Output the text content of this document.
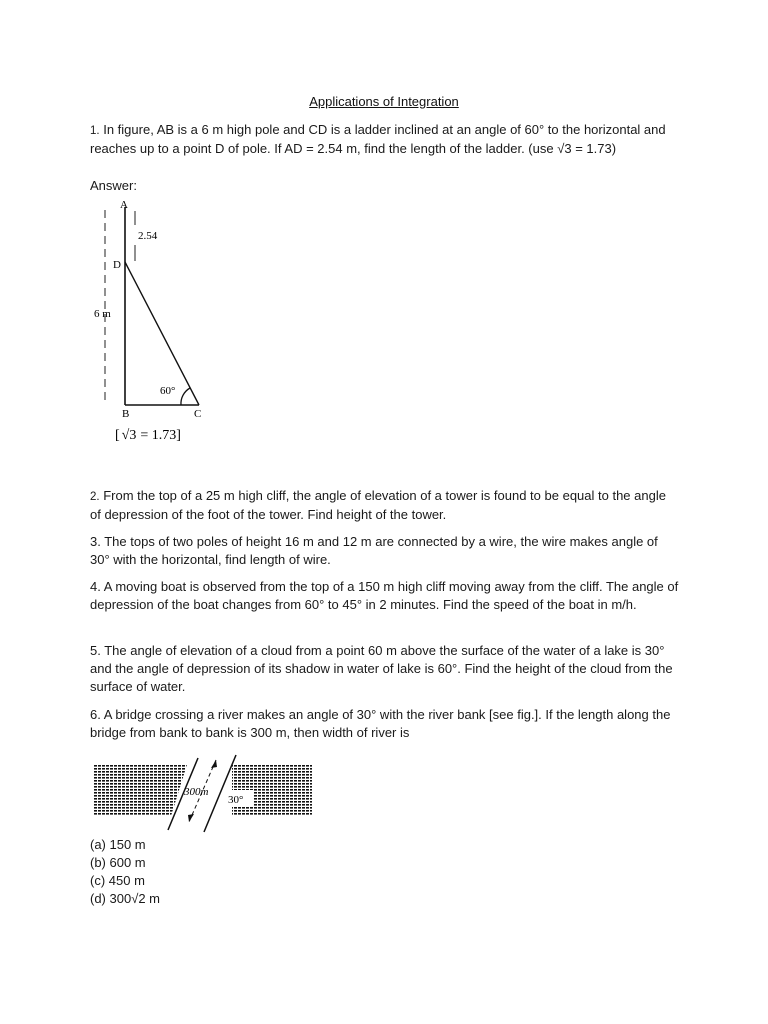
Applications of Integration
1. In figure, AB is a 6 m high pole and CD is a ladder inclined at an angle of 60° to the horizontal and reaches up to a point D of pole. If AD = 2.54 m, find the length of the ladder. (use √3 = 1.73)
Answer:
A
D
B	C
2.54
6 m
60°
[ √3 = 1.73]
2. From the top of a 25 m high cliff, the angle of elevation of a tower is found to be equal to the angle of depression of the foot of the tower. Find height of the tower.
3. The tops of two poles of height 16 m and 12 m are connected by a wire, the wire makes angle of 30° with the horizontal, find length of wire.
4. A moving boat is observed from the top of a 150 m high cliff moving away from the cliff. The angle of depression of the boat changes from 60° to 45° in 2 minutes. Find the speed of the boat in m/h.
5. The angle of elevation of a cloud from a point 60 m above the surface of the water of a lake is 30° and the angle of depression of its shadow in water of lake is 60°. Find the height of the cloud from the surface of water.
6. A bridge crossing a river makes an angle of 30° with the river bank [see fig.]. If the length along the bridge from bank to bank is 300 m, then width of river is
300m
30°
(a) 150 m
(b) 600 m
(c) 450 m
(d) 300√2 m
